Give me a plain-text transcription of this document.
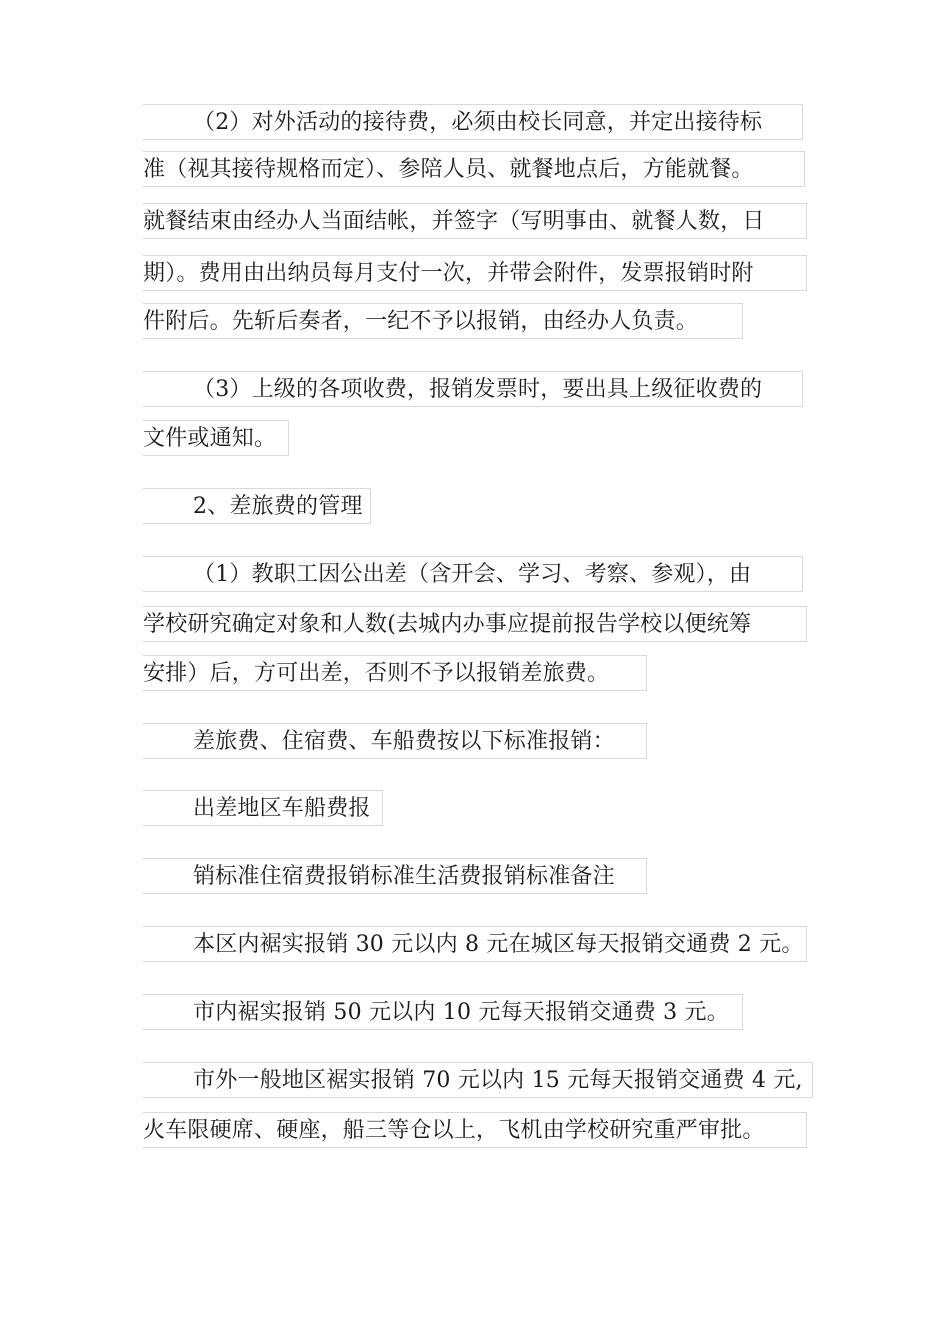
（2）对外活动的接待费，必须由校长同意，并定出接待标
准（视其接待规格而定）、参陪人员、就餐地点后，方能就餐。
就餐结束由经办人当面结帐，并签字（写明事由、就餐人数，日
期）。费用由出纳员每月支付一次，并带会附件，发票报销时附
件附后。先斩后奏者，一纪不予以报销，由经办人负责。
（3）上级的各项收费，报销发票时，要出具上级征收费的
文件或通知。
2、差旅费的管理
（1）教职工因公出差（含开会、学习、考察、参观），由
学校研究确定对象和人数(去城内办事应提前报告学校以便统筹
安排）后，方可出差，否则不予以报销差旅费。
差旅费、住宿费、车船费按以下标准报销：
出差地区车船费报
销标准住宿费报销标准生活费报销标准备注
本区内裾实报销 30 元以内 8 元在城区每天报销交通费 2 元。
市内裾实报销 50 元以内 10 元每天报销交通费 3 元。
市外一般地区裾实报销 70 元以内 15 元每天报销交通费 4 元,
火车限硬席、硬座，船三等仓以上，飞机由学校研究重严审批。
